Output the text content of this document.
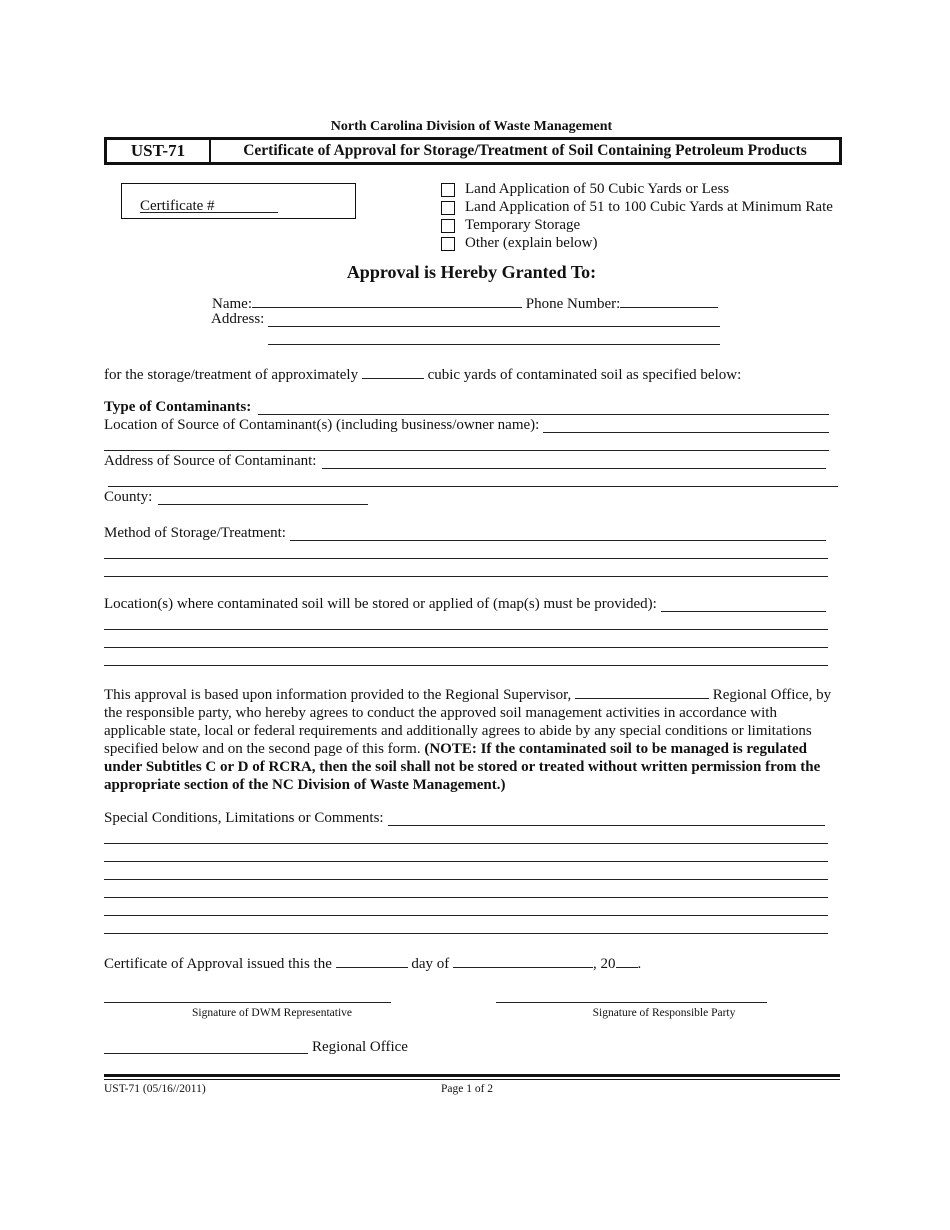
North Carolina Division of Waste Management
UST-71	Certificate of Approval for Storage/Treatment of Soil Containing Petroleum Products
Certificate #
Land Application of 50 Cubic Yards or Less
Land Application of 51 to 100 Cubic Yards at Minimum Rate
Temporary Storage
Other (explain below)
Approval is Hereby Granted To:
Name:	Phone Number:
Address:
for the storage/treatment of approximately	cubic yards of contaminated soil as specified below:
Type of Contaminants:
Location of Source of Contaminant(s) (including business/owner name):
Address of Source of Contaminant:
County:
Method of Storage/Treatment:
Location(s) where contaminated soil will be stored or applied of (map(s) must be provided):
This approval is based upon information provided to the Regional Supervisor,	Regional Office, by the responsible party, who hereby agrees to conduct the approved soil management activities in accordance with applicable state, local or federal requirements and additionally agrees to abide by any special conditions or limitations specified below and on the second page of this form. (NOTE: If the contaminated soil to be managed is regulated under Subtitles C or D of RCRA, then the soil shall not be stored or treated without written permission from the appropriate section of the NC Division of Waste Management.)
Special Conditions, Limitations or Comments:
Certificate of Approval issued this the	day of	, 20 .
Signature of DWM Representative	Signature of Responsible Party
Regional Office
UST-71 (05/16//2011)	Page 1 of 2
